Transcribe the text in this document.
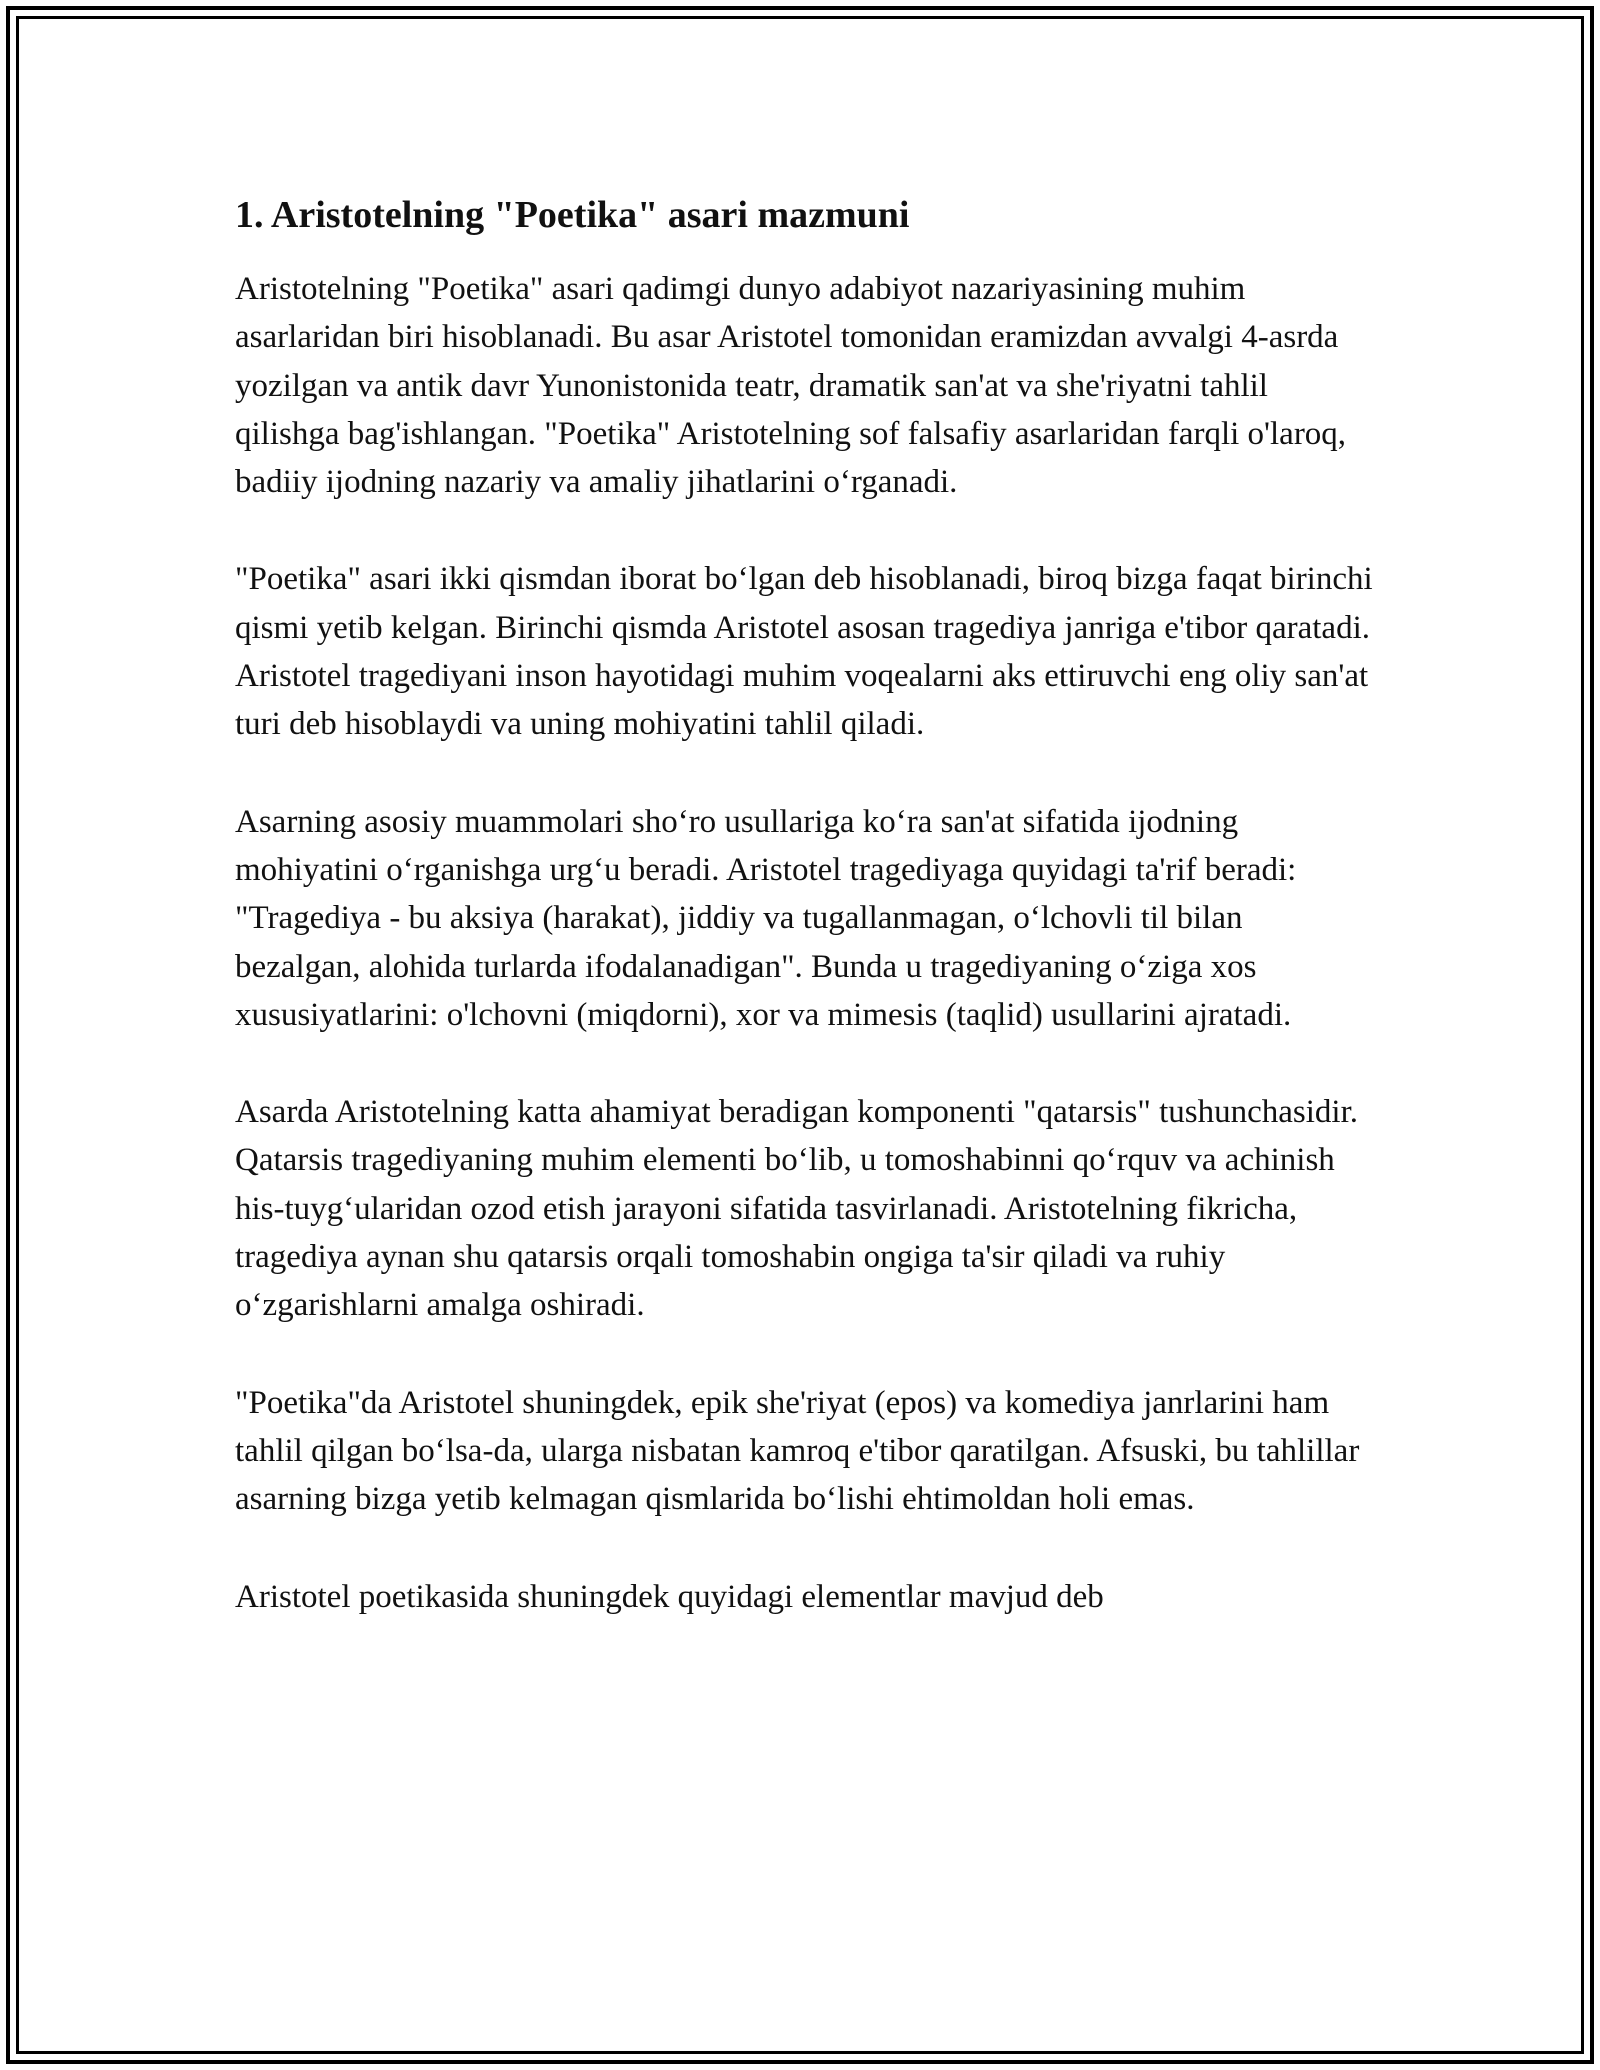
1. Aristotelning "Poetika" asari mazmuni

Aristotelning "Poetika" asari qadimgi dunyo adabiyot nazariyasining muhim asarlaridan biri hisoblanadi. Bu asar Aristotel tomonidan eramizdan avvalgi 4-asrda yozilgan va antik davr Yunonistonida teatr, dramatik san'at va she'riyatni tahlil qilishga bag'ishlangan. "Poetika" Aristotelning sof falsafiy asarlaridan farqli o'laroq, badiiy ijodning nazariy va amaliy jihatlarini o‘rganadi.

"Poetika" asari ikki qismdan iborat bo‘lgan deb hisoblanadi, biroq bizga faqat birinchi qismi yetib kelgan. Birinchi qismda Aristotel asosan tragediya janriga e'tibor qaratadi. Aristotel tragediyani inson hayotidagi muhim voqealarni aks ettiruvchi eng oliy san'at turi deb hisoblaydi va uning mohiyatini tahlil qiladi.

Asarning asosiy muammolari sho‘ro usullariga ko‘ra san'at sifatida ijodning mohiyatini o‘rganishga urg‘u beradi. Aristotel tragediyaga quyidagi ta'rif beradi: "Tragediya - bu aksiya (harakat), jiddiy va tugallanmagan, o‘lchovli til bilan bezalgan, alohida turlarda ifodalanadigan". Bunda u tragediyaning o‘ziga xos xususiyatlarini: o'lchovni (miqdorni), xor va mimesis (taqlid) usullarini ajratadi.

Asarda Aristotelning katta ahamiyat beradigan komponenti "qatarsis" tushunchasidir. Qatarsis tragediyaning muhim elementi bo‘lib, u tomoshabinni qo‘rquv va achinish his-tuyg‘ularidan ozod etish jarayoni sifatida tasvirlanadi. Aristotelning fikricha, tragediya aynan shu qatarsis orqali tomoshabin ongiga ta'sir qiladi va ruhiy o‘zgarishlarni amalga oshiradi.

"Poetika"da Aristotel shuningdek, epik she'riyat (epos) va komediya janrlarini ham tahlil qilgan bo‘lsa-da, ularga nisbatan kamroq e'tibor qaratilgan. Afsuski, bu tahlillar asarning bizga yetib kelmagan qismlarida bo‘lishi ehtimoldan holi emas.

Aristotel poetikasida shuningdek quyidagi elementlar mavjud deb
